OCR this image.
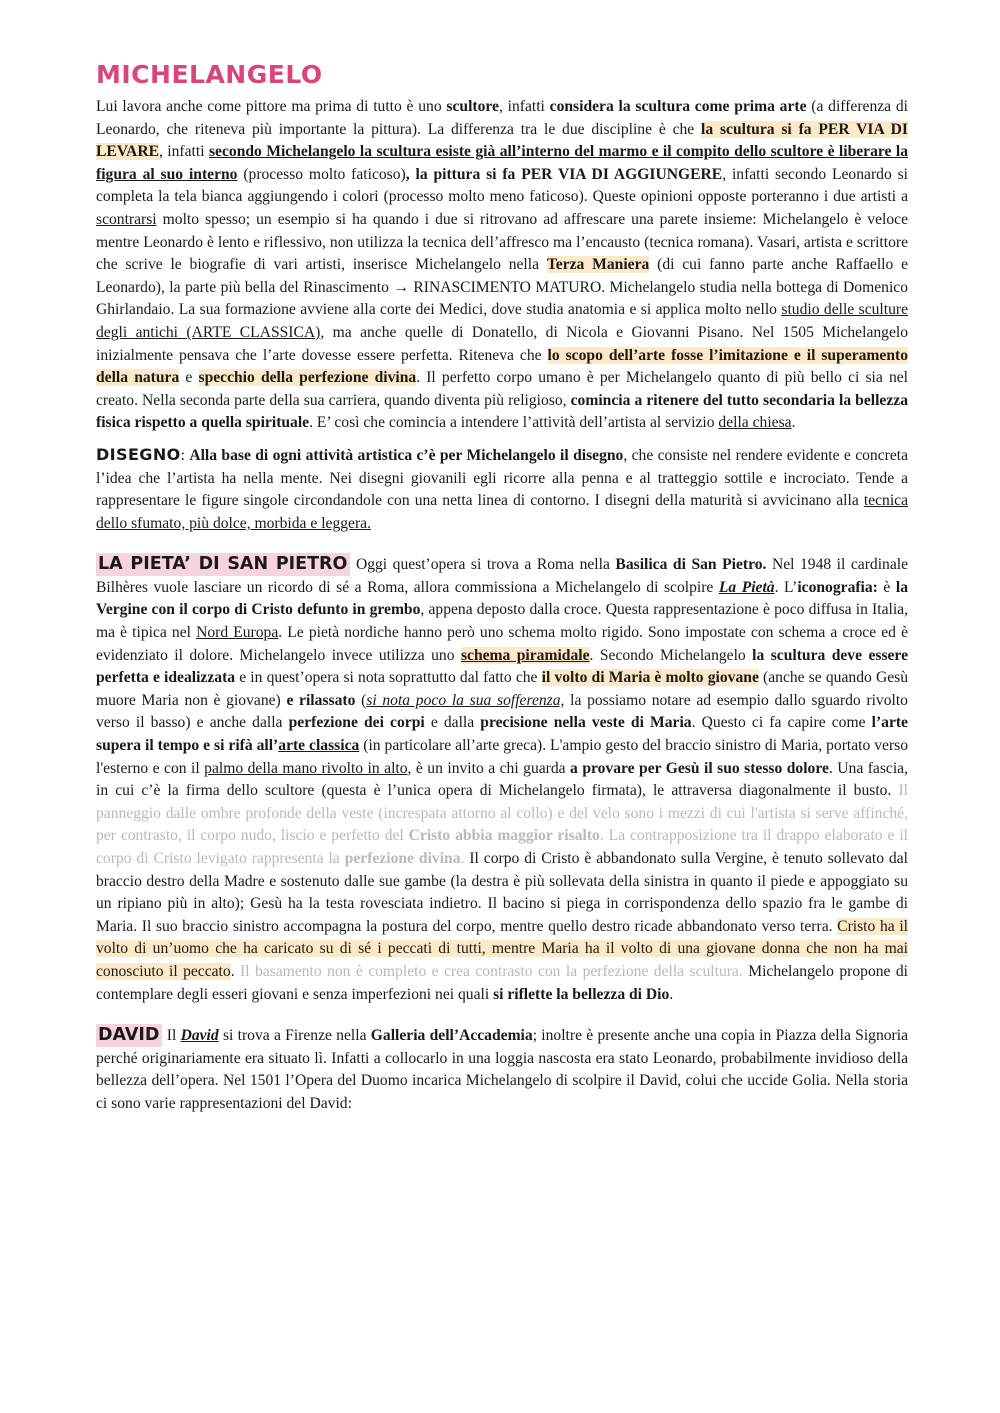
MICHELANGELO

Lui lavora anche come pittore ma prima di tutto è uno scultore, infatti considera la scultura come prima arte (a differenza di Leonardo, che riteneva più importante la pittura). La differenza tra le due discipline è che la scultura si fa PER VIA DI LEVARE, infatti secondo Michelangelo la scultura esiste già all’interno del marmo e il compito dello scultore è liberare la figura al suo interno (processo molto faticoso), la pittura si fa PER VIA DI AGGIUNGERE, infatti secondo Leonardo si completa la tela bianca aggiungendo i colori (processo molto meno faticoso). Queste opinioni opposte porteranno i due artisti a scontrarsi molto spesso; un esempio si ha quando i due si ritrovano ad affrescare una parete insieme: Michelangelo è veloce mentre Leonardo è lento e riflessivo, non utilizza la tecnica dell’affresco ma l’encausto (tecnica romana). Vasari, artista e scrittore che scrive le biografie di vari artisti, inserisce Michelangelo nella Terza Maniera (di cui fanno parte anche Raffaello e Leonardo), la parte più bella del Rinascimento → RINASCIMENTO MATURO. Michelangelo studia nella bottega di Domenico Ghirlandaio. La sua formazione avviene alla corte dei Medici, dove studia anatomia e si applica molto nello studio delle sculture degli antichi (ARTE CLASSICA), ma anche quelle di Donatello, di Nicola e Giovanni Pisano. Nel 1505 Michelangelo inizialmente pensava che l’arte dovesse essere perfetta. Riteneva che lo scopo dell’arte fosse l’imitazione e il superamento della natura e specchio della perfezione divina. Il perfetto corpo umano è per Michelangelo quanto di più bello ci sia nel creato. Nella seconda parte della sua carriera, quando diventa più religioso, comincia a ritenere del tutto secondaria la bellezza fisica rispetto a quella spirituale. E’ così che comincia a intendere l’attività dell’artista al servizio della chiesa.

DISEGNO: Alla base di ogni attività artistica c’è per Michelangelo il disegno, che consiste nel rendere evidente e concreta l’idea che l’artista ha nella mente. Nei disegni giovanili egli ricorre alla penna e al tratteggio sottile e incrociato. Tende a rappresentare le figure singole circondandole con una netta linea di contorno. I disegni della maturità si avvicinano alla tecnica dello sfumato, più dolce, morbida e leggera.

LA PIETA’ DI SAN PIETRO Oggi quest’opera si trova a Roma nella Basilica di San Pietro. Nel 1948 il cardinale Bilhères vuole lasciare un ricordo di sé a Roma, allora commissiona a Michelangelo di scolpire La Pietà. L’iconografia: è la Vergine con il corpo di Cristo defunto in grembo, appena deposto dalla croce. Questa rappresentazione è poco diffusa in Italia, ma è tipica nel Nord Europa. Le pietà nordiche hanno però uno schema molto rigido. Sono impostate con schema a croce ed è evidenziato il dolore. Michelangelo invece utilizza uno schema piramidale. Secondo Michelangelo la scultura deve essere perfetta e idealizzata e in quest’opera si nota soprattutto dal fatto che il volto di Maria è molto giovane (anche se quando Gesù muore Maria non è giovane) e rilassato (si nota poco la sua sofferenza, la possiamo notare ad esempio dallo sguardo rivolto verso il basso) e anche dalla perfezione dei corpi e dalla precisione nella veste di Maria. Questo ci fa capire come l’arte supera il tempo e si rifà all’arte classica (in particolare all’arte greca). L'ampio gesto del braccio sinistro di Maria, portato verso l'esterno e con il palmo della mano rivolto in alto, è un invito a chi guarda a provare per Gesù il suo stesso dolore. Una fascia, in cui c’è la firma dello scultore (questa è l’unica opera di Michelangelo firmata), le attraversa diagonalmente il busto. Il panneggio dalle ombre profonde della veste (increspata attorno al collo) e del velo sono i mezzi di cui l'artista si serve affinché, per contrasto, il corpo nudo, liscio e perfetto del Cristo abbia maggior risalto. La contrapposizione tra il drappo elaborato e il corpo di Cristo levigato rappresenta la perfezione divina. Il corpo di Cristo è abbandonato sulla Vergine, è tenuto sollevato dal braccio destro della Madre e sostenuto dalle sue gambe (la destra è più sollevata della sinistra in quanto il piede e appoggiato su un ripiano più in alto); Gesù ha la testa rovesciata indietro. Il bacino si piega in corrispondenza dello spazio fra le gambe di Maria. Il suo braccio sinistro accompagna la postura del corpo, mentre quello destro ricade abbandonato verso terra. Cristo ha il volto di un’uomo che ha caricato su di sé i peccati di tutti, mentre Maria ha il volto di una giovane donna che non ha mai conosciuto il peccato. Il basamento non è completo e crea contrasto con la perfezione della scultura. Michelangelo propone di contemplare degli esseri giovani e senza imperfezioni nei quali si riflette la bellezza di Dio.

DAVID Il David si trova a Firenze nella Galleria dell’Accademia; inoltre è presente anche una copia in Piazza della Signoria perché originariamente era situato lì. Infatti a collocarlo in una loggia nascosta era stato Leonardo, probabilmente invidioso della bellezza dell’opera. Nel 1501 l’Opera del Duomo incarica Michelangelo di scolpire il David, colui che uccide Golia. Nella storia ci sono varie rappresentazioni del David:
